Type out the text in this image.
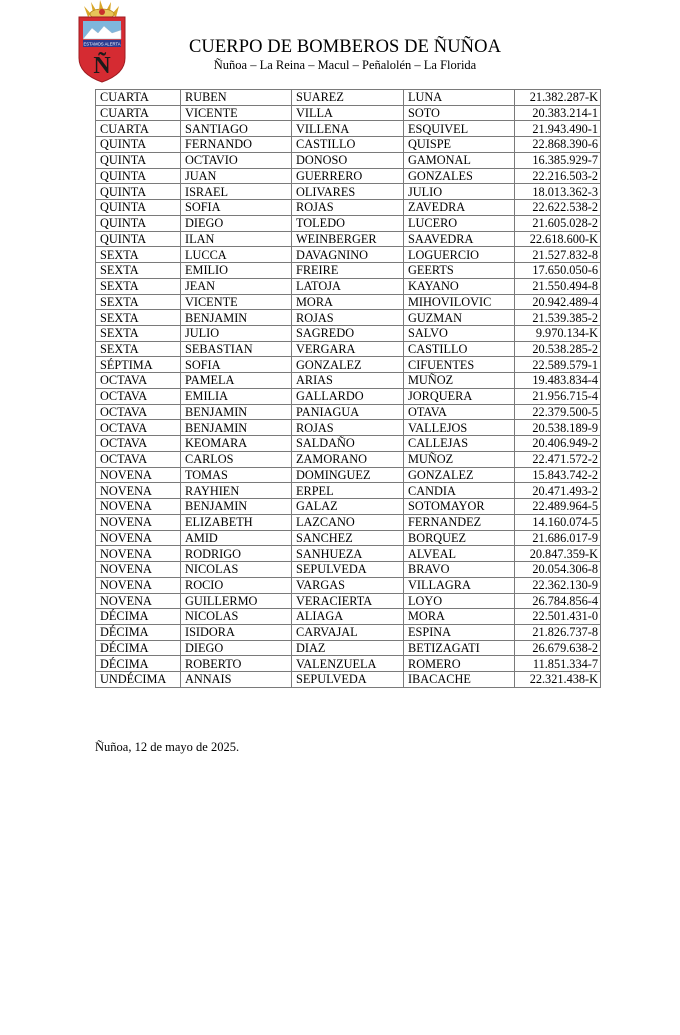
ESTAMOS ALERTA
Ñ
CUERPO DE BOMBEROS DE ÑUÑOA
Ñuñoa – La Reina – Macul – Peñalolén – La Florida
CUARTA	RUBEN	SUAREZ	LUNA	21.382.287-K
CUARTA	VICENTE	VILLA	SOTO	20.383.214-1
CUARTA	SANTIAGO	VILLENA	ESQUIVEL	21.943.490-1
QUINTA	FERNANDO	CASTILLO	QUISPE	22.868.390-6
QUINTA	OCTAVIO	DONOSO	GAMONAL	16.385.929-7
QUINTA	JUAN	GUERRERO	GONZALES	22.216.503-2
QUINTA	ISRAEL	OLIVARES	JULIO	18.013.362-3
QUINTA	SOFIA	ROJAS	ZAVEDRA	22.622.538-2
QUINTA	DIEGO	TOLEDO	LUCERO	21.605.028-2
QUINTA	ILAN	WEINBERGER	SAAVEDRA	22.618.600-K
SEXTA	LUCCA	DAVAGNINO	LOGUERCIO	21.527.832-8
SEXTA	EMILIO	FREIRE	GEERTS	17.650.050-6
SEXTA	JEAN	LATOJA	KAYANO	21.550.494-8
SEXTA	VICENTE	MORA	MIHOVILOVIC	20.942.489-4
SEXTA	BENJAMIN	ROJAS	GUZMAN	21.539.385-2
SEXTA	JULIO	SAGREDO	SALVO	9.970.134-K
SEXTA	SEBASTIAN	VERGARA	CASTILLO	20.538.285-2
SÉPTIMA	SOFIA	GONZALEZ	CIFUENTES	22.589.579-1
OCTAVA	PAMELA	ARIAS	MUÑOZ	19.483.834-4
OCTAVA	EMILIA	GALLARDO	JORQUERA	21.956.715-4
OCTAVA	BENJAMIN	PANIAGUA	OTAVA	22.379.500-5
OCTAVA	BENJAMIN	ROJAS	VALLEJOS	20.538.189-9
OCTAVA	KEOMARA	SALDAÑO	CALLEJAS	20.406.949-2
OCTAVA	CARLOS	ZAMORANO	MUÑOZ	22.471.572-2
NOVENA	TOMAS	DOMINGUEZ	GONZALEZ	15.843.742-2
NOVENA	RAYHIEN	ERPEL	CANDIA	20.471.493-2
NOVENA	BENJAMIN	GALAZ	SOTOMAYOR	22.489.964-5
NOVENA	ELIZABETH	LAZCANO	FERNANDEZ	14.160.074-5
NOVENA	AMID	SANCHEZ	BORQUEZ	21.686.017-9
NOVENA	RODRIGO	SANHUEZA	ALVEAL	20.847.359-K
NOVENA	NICOLAS	SEPULVEDA	BRAVO	20.054.306-8
NOVENA	ROCIO	VARGAS	VILLAGRA	22.362.130-9
NOVENA	GUILLERMO	VERACIERTA	LOYO	26.784.856-4
DÉCIMA	NICOLAS	ALIAGA	MORA	22.501.431-0
DÉCIMA	ISIDORA	CARVAJAL	ESPINA	21.826.737-8
DÉCIMA	DIEGO	DIAZ	BETIZAGATI	26.679.638-2
DÉCIMA	ROBERTO	VALENZUELA	ROMERO	11.851.334-7
UNDÉCIMA	ANNAIS	SEPULVEDA	IBACACHE	22.321.438-K
Ñuñoa, 12 de mayo de 2025.
